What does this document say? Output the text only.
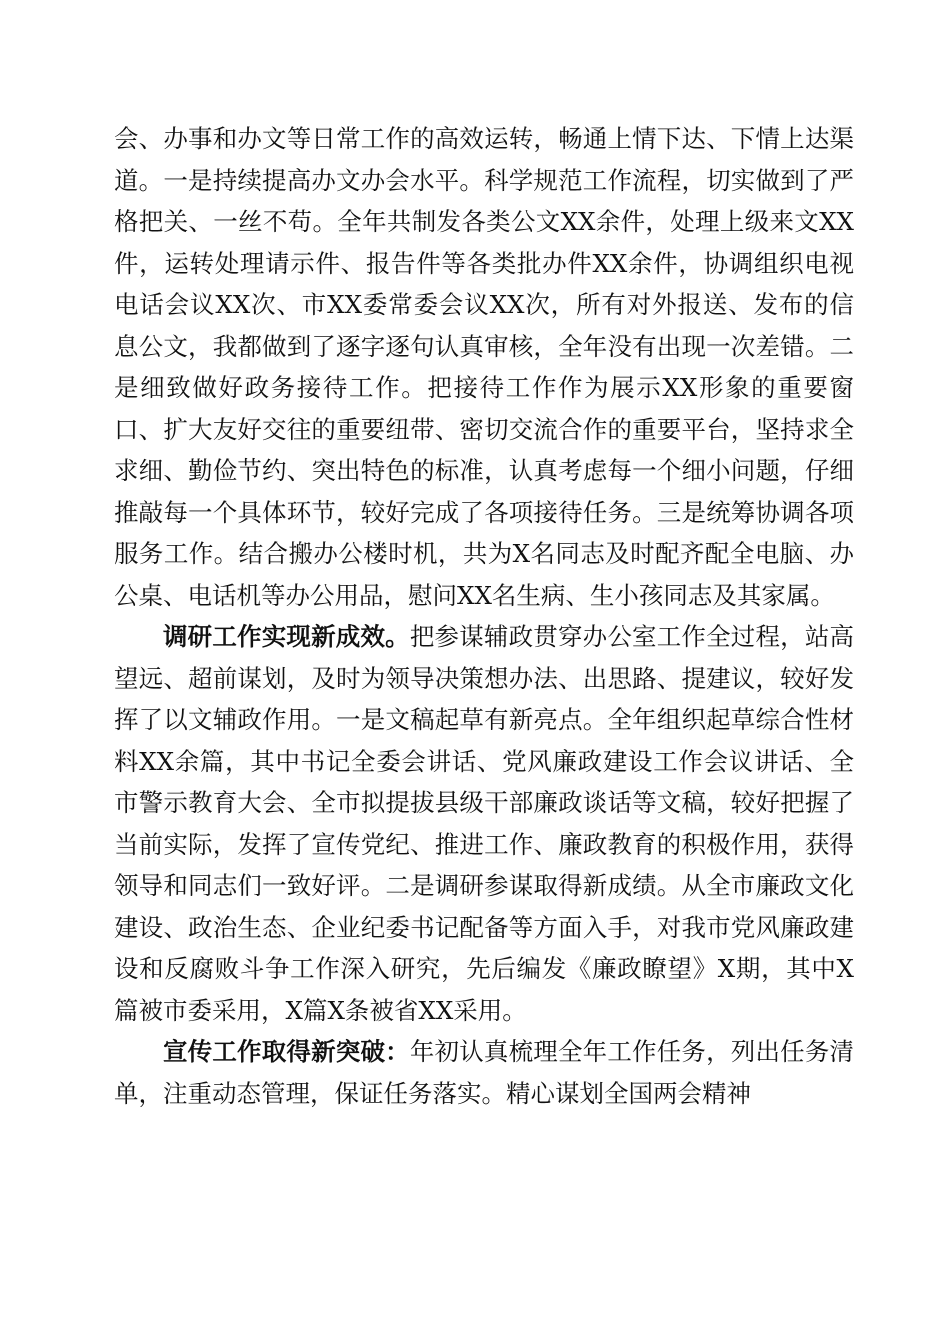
会、办事和办文等日常工作的高效运转，畅通上情下达、下情上达渠道。一是持续提高办文办会水平。科学规范工作流程，切实做到了严格把关、一丝不苟。全年共制发各类公文XX余件，处理上级来文XX件，运转处理请示件、报告件等各类批办件XX余件，协调组织电视电话会议XX次、市XX委常委会议XX次，所有对外报送、发布的信息公文，我都做到了逐字逐句认真审核，全年没有出现一次差错。二是细致做好政务接待工作。把接待工作作为展示XX形象的重要窗口、扩大友好交往的重要纽带、密切交流合作的重要平台，坚持求全求细、勤俭节约、突出特色的标准，认真考虑每一个细小问题，仔细推敲每一个具体环节，较好完成了各项接待任务。三是统筹协调各项服务工作。结合搬办公楼时机，共为X名同志及时配齐配全电脑、办公桌、电话机等办公用品，慰问XX名生病、生小孩同志及其家属。

调研工作实现新成效。把参谋辅政贯穿办公室工作全过程，站高望远、超前谋划，及时为领导决策想办法、出思路、提建议，较好发挥了以文辅政作用。一是文稿起草有新亮点。全年组织起草综合性材料XX余篇，其中书记全委会讲话、党风廉政建设工作会议讲话、全市警示教育大会、全市拟提拔县级干部廉政谈话等文稿，较好把握了当前实际，发挥了宣传党纪、推进工作、廉政教育的积极作用，获得领导和同志们一致好评。二是调研参谋取得新成绩。从全市廉政文化建设、政治生态、企业纪委书记配备等方面入手，对我市党风廉政建设和反腐败斗争工作深入研究，先后编发《廉政瞭望》X期，其中X篇被市委采用，X篇X条被省XX采用。

宣传工作取得新突破：年初认真梳理全年工作任务，列出任务清单，注重动态管理，保证任务落实。精心谋划全国两会精神
